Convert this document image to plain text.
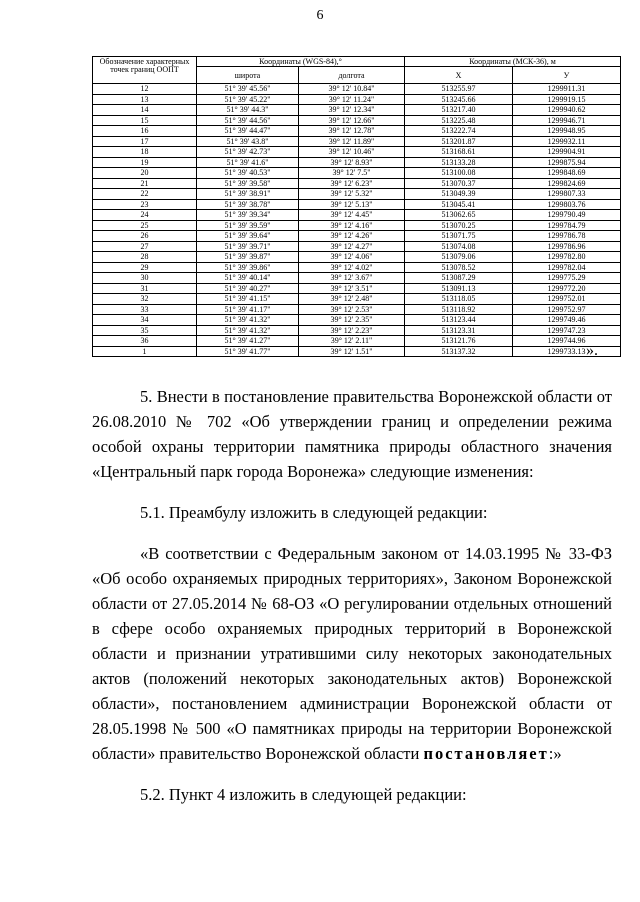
6
Обозначение характерных точек границ ООПТ	Координаты (WGS-84),°		Координаты (МСК-36), м	
	широта	долгота	Х	У
12	51° 39' 45.56"	39° 12' 10.84"	513255.97	1299911.31
13	51° 39' 45.22"	39° 12' 11.24"	513245.66	1299919.15
14	51° 39' 44.3"	39° 12' 12.34"	513217.40	1299940.62
15	51° 39' 44.56"	39° 12' 12.66"	513225.48	1299946.71
16	51° 39' 44.47"	39° 12' 12.78"	513222.74	1299948.95
17	51° 39' 43.8"	39° 12' 11.89"	513201.87	1299932.11
18	51° 39' 42.73"	39° 12' 10.46"	513168.61	1299904.91
19	51° 39' 41.6"	39° 12' 8.93"	513133.28	1299875.94
20	51° 39' 40.53"	39° 12' 7.5"	513100.08	1299848.69
21	51° 39' 39.58"	39° 12' 6.23"	513070.37	1299824.69
22	51° 39' 38.91"	39° 12' 5.32"	513049.39	1299807.33
23	51° 39' 38.78"	39° 12' 5.13"	513045.41	1299803.76
24	51° 39' 39.34"	39° 12' 4.45"	513062.65	1299790.49
25	51° 39' 39.59"	39° 12' 4.16"	513070.25	1299784.79
26	51° 39' 39.64"	39° 12' 4.26"	513071.75	1299786.78
27	51° 39' 39.71"	39° 12' 4.27"	513074.08	1299786.96
28	51° 39' 39.87"	39° 12' 4.06"	513079.06	1299782.80
29	51° 39' 39.86"	39° 12' 4.02"	513078.52	1299782.04
30	51° 39' 40.14"	39° 12' 3.67"	513087.29	1299775.29
31	51° 39' 40.27"	39° 12' 3.51"	513091.13	1299772.20
32	51° 39' 41.15"	39° 12' 2.48"	513118.05	1299752.01
33	51° 39' 41.17"	39° 12' 2.53"	513118.92	1299752.97
34	51° 39' 41.32"	39° 12' 2.35"	513123.44	1299749.46
35	51° 39' 41.32"	39° 12' 2.23"	513123.31	1299747.23
36	51° 39' 41.27"	39° 12' 2.11"	513121.76	1299744.96
1	51° 39' 41.77"	39° 12' 1.51"	513137.32	1299733.13 ».

5. Внести в постановление правительства Воронежской области от 26.08.2010 № 702 «Об утверждении границ и определении режима особой охраны территории памятника природы областного значения «Центральный парк города Воронежа» следующие изменения:

5.1. Преамбулу изложить в следующей редакции:

«В соответствии с Федеральным законом от 14.03.1995 № 33-ФЗ «Об особо охраняемых природных территориях», Законом Воронежской области от 27.05.2014 № 68-ОЗ «О регулировании отдельных отношений в сфере особо охраняемых природных территорий в Воронежской области и признании утратившими силу некоторых законодательных актов (положений некоторых законодательных актов) Воронежской области», постановлением администрации Воронежской области от 28.05.1998 № 500 «О памятниках природы на территории Воронежской области» правительство Воронежской области постановляет:»

5.2. Пункт 4 изложить в следующей редакции:
